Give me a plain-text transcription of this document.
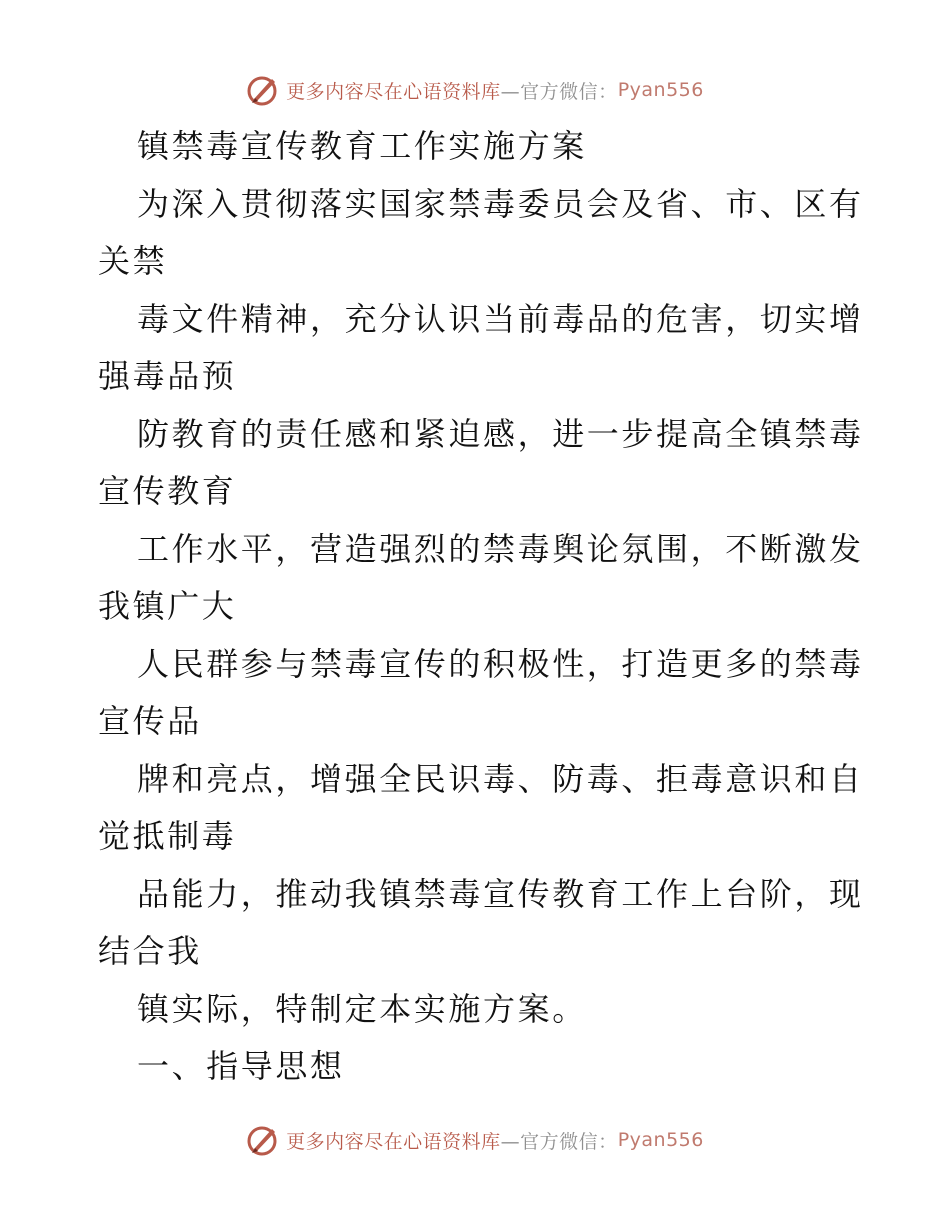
更多内容尽在心语资料库 —官方微信： Pyan556
镇禁毒宣传教育工作实施方案
为深入贯彻落实国家禁毒委员会及省、市、区有
关禁
毒文件精神，充分认识当前毒品的危害，切实增
强毒品预
防教育的责任感和紧迫感，进一步提高全镇禁毒
宣传教育
工作水平，营造强烈的禁毒舆论氛围，不断激发
我镇广大
人民群参与禁毒宣传的积极性，打造更多的禁毒
宣传品
牌和亮点，增强全民识毒、防毒、拒毒意识和自
觉抵制毒
品能力，推动我镇禁毒宣传教育工作上台阶，现
结合我
镇实际，特制定本实施方案。
一、指导思想
更多内容尽在心语资料库 —官方微信： Pyan556
